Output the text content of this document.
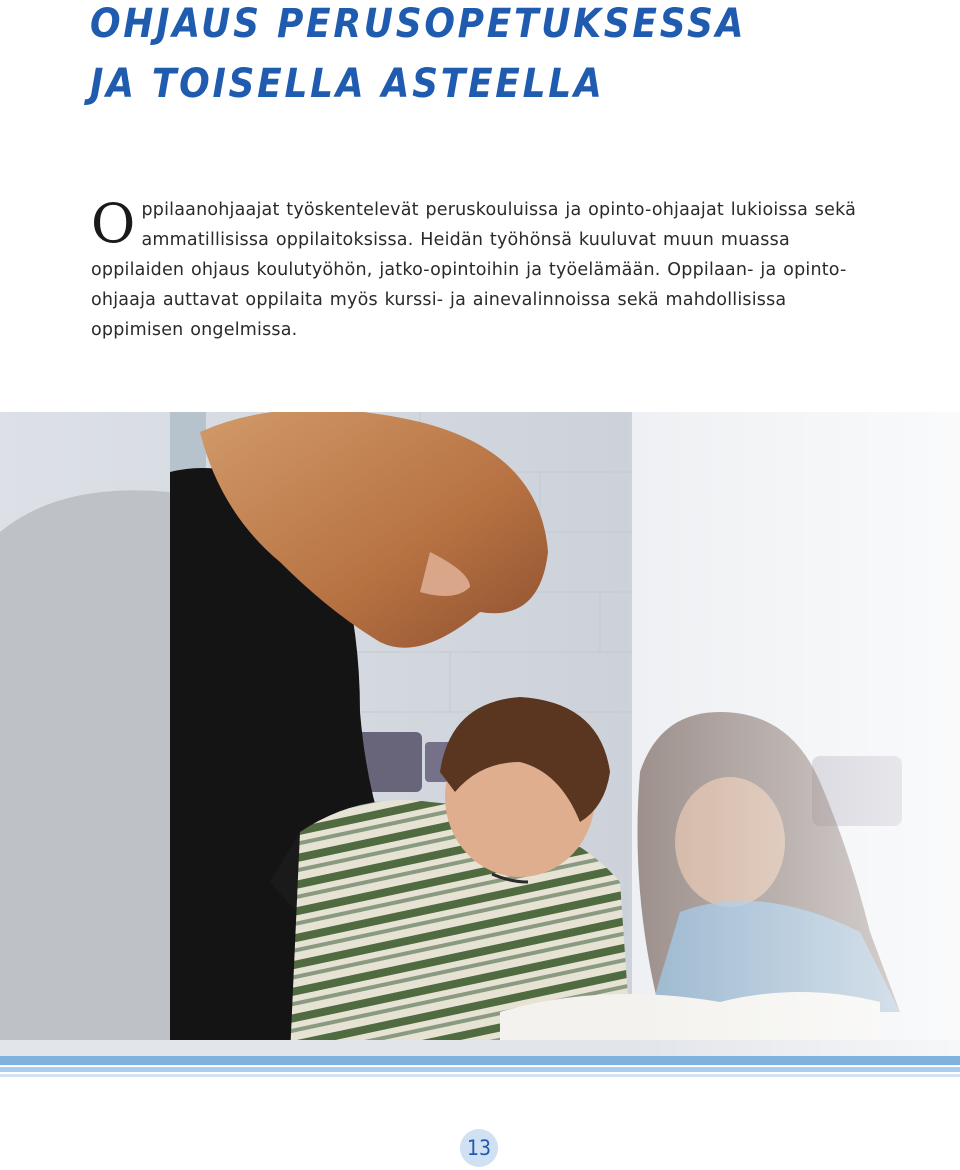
OHJAUS PERUSOPETUKSESSA
JA TOISELLA ASTEELLA

Oppilaanohjaajat työskentelevät peruskouluissa ja opinto-ohjaajat lukioissa sekä ammatillisissa oppilaitoksissa. Heidän työhönsä kuuluvat muun muassa oppilaiden ohjaus koulutyöhön, jatko-opintoihin ja työelämään. Oppilaan- ja opinto-ohjaaja auttavat oppilaita myös kurssi- ja ainevalinnoissa sekä mahdollisissa oppimisen ongelmissa.

13
